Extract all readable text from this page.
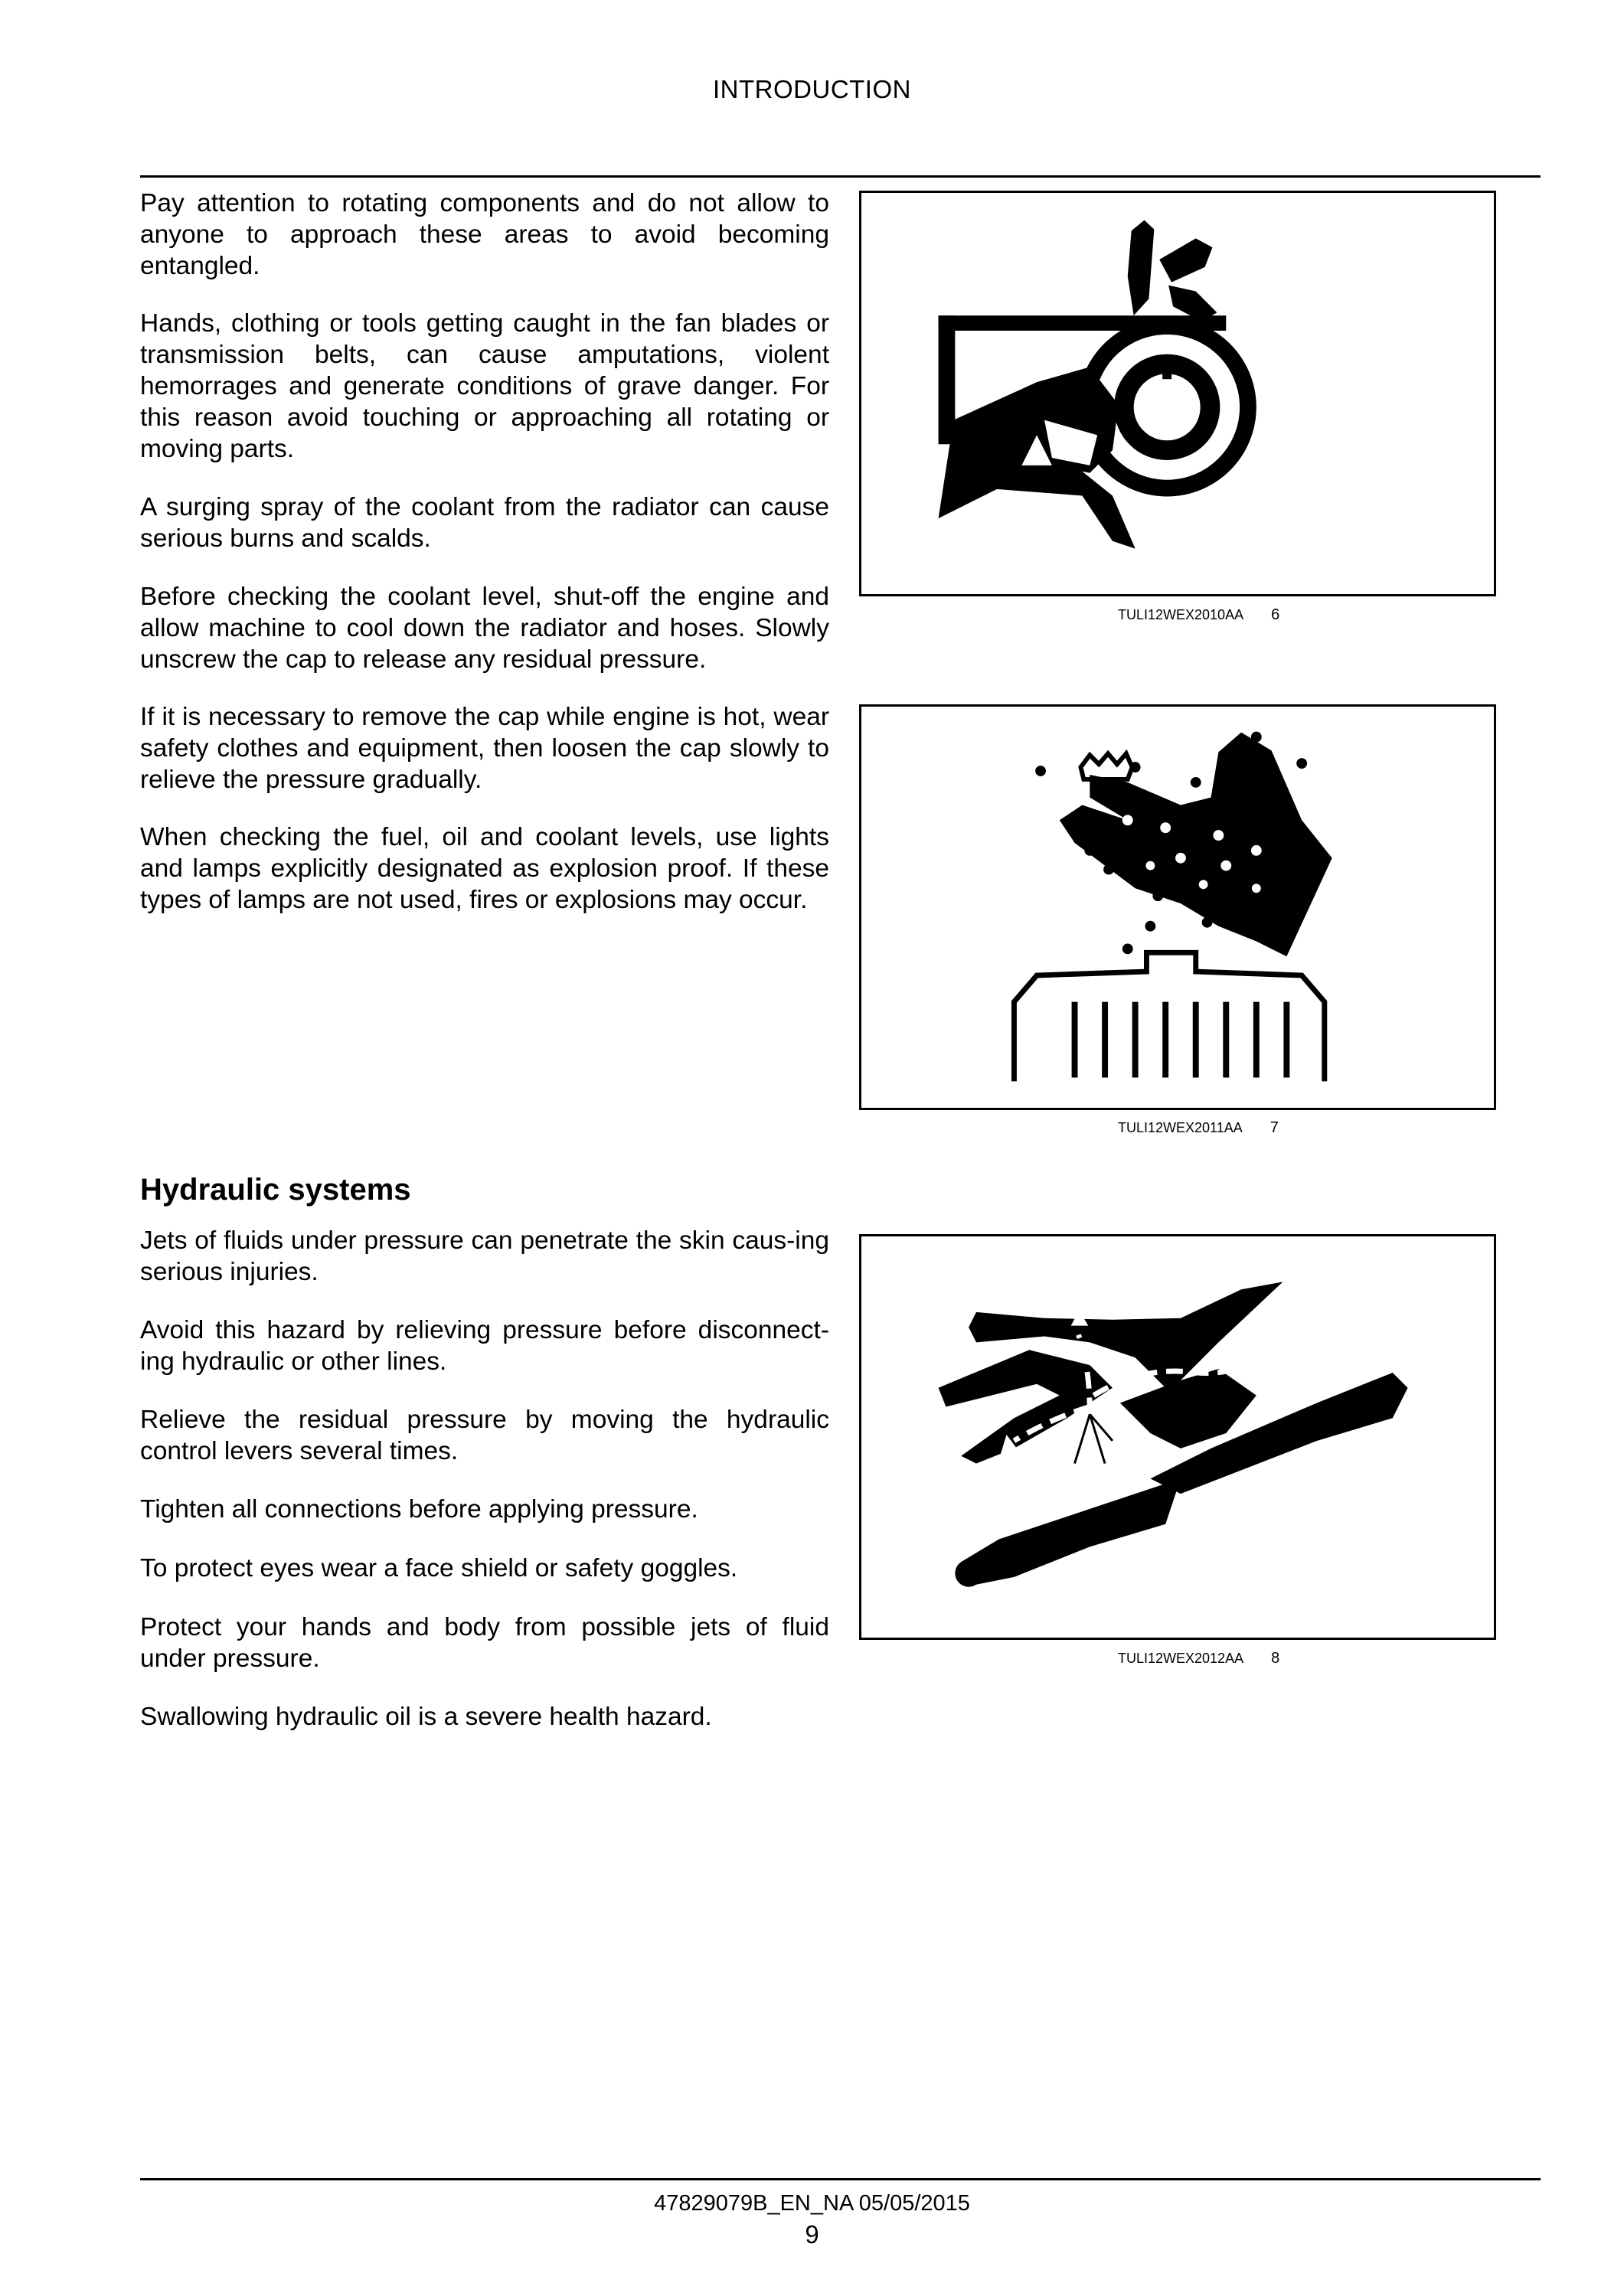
INTRODUCTION

Pay attention to rotating components and do not allow to anyone to approach these areas to avoid becoming entangled.

Hands, clothing or tools getting caught in the fan blades or transmission belts, can cause amputations, violent hemorrages and generate conditions of grave danger. For this reason avoid touching or approaching all rotating or moving parts.

A surging spray of the coolant from the radiator can cause serious burns and scalds.

Before checking the coolant level, shut-off the engine and allow machine to cool down the radiator and hoses. Slowly unscrew the cap to release any residual pressure.

If it is necessary to remove the cap while engine is hot, wear safety clothes and equipment, then loosen the cap slowly to relieve the pressure gradually.

When checking the fuel, oil and coolant levels, use lights and lamps explicitly designated as explosion proof. If these types of lamps are not used, fires or explosions may occur.

TULI12WEX2010AA 6
TULI12WEX2011AA 7
Hydraulic systems

Jets of fluids under pressure can penetrate the skin caus-ing serious injuries.

Avoid this hazard by relieving pressure before disconnect-ing hydraulic or other lines.

Relieve the residual pressure by moving the hydraulic control levers several times.

Tighten all connections before applying pressure.

To protect eyes wear a face shield or safety goggles.

Protect your hands and body from possible jets of fluid under pressure.

Swallowing hydraulic oil is a severe health hazard.

TULI12WEX2012AA 8
47829079B_EN_NA 05/05/2015
9
